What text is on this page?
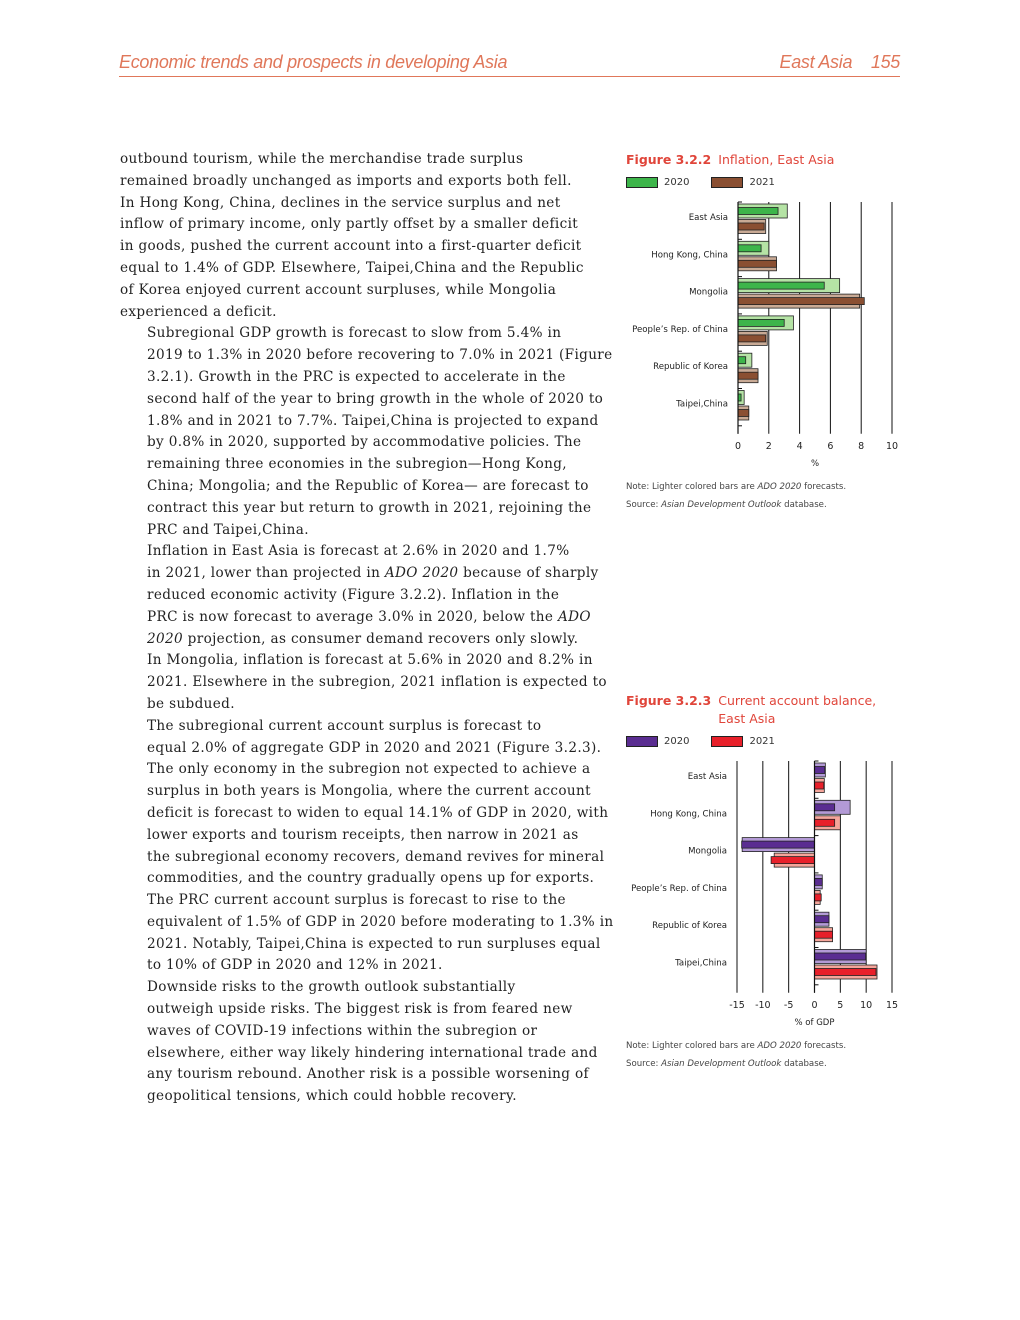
Economic trends and prospects in developing Asia	East Asia 155

outbound tourism, while the merchandise trade surplus
remained broadly unchanged as imports and exports both fell.
In Hong Kong, China, declines in the service surplus and net
inflow of primary income, only partly offset by a smaller deficit
in goods, pushed the current account into a first-quarter deficit
equal to 1.4% of GDP. Elsewhere, Taipei,China and the Republic
of Korea enjoyed current account surpluses, while Mongolia
experienced a deficit.

Subregional GDP growth is forecast to slow from 5.4% in
2019 to 1.3% in 2020 before recovering to 7.0% in 2021 (Figure
3.2.1). Growth in the PRC is expected to accelerate in the
second half of the year to bring growth in the whole of 2020 to
1.8% and in 2021 to 7.7%. Taipei,China is projected to expand
by 0.8% in 2020, supported by accommodative policies. The
remaining three economies in the subregion—Hong Kong,
China; Mongolia; and the Republic of Korea— are forecast to
contract this year but return to growth in 2021, rejoining the
PRC and Taipei,China.

Inflation in East Asia is forecast at 2.6% in 2020 and 1.7%
in 2021, lower than projected in ADO 2020 because of sharply
reduced economic activity (Figure 3.2.2). Inflation in the
PRC is now forecast to average 3.0% in 2020, below the ADO
2020 projection, as consumer demand recovers only slowly.
In Mongolia, inflation is forecast at 5.6% in 2020 and 8.2% in
2021. Elsewhere in the subregion, 2021 inflation is expected to
be subdued.

The subregional current account surplus is forecast to
equal 2.0% of aggregate GDP in 2020 and 2021 (Figure 3.2.3).
The only economy in the subregion not expected to achieve a
surplus in both years is Mongolia, where the current account
deficit is forecast to widen to equal 14.1% of GDP in 2020, with
lower exports and tourism receipts, then narrow in 2021 as
the subregional economy recovers, demand revives for mineral
commodities, and the country gradually opens up for exports.
The PRC current account surplus is forecast to rise to the
equivalent of 1.5% of GDP in 2020 before moderating to 1.3% in
2021. Notably, Taipei,China is expected to run surpluses equal
to 10% of GDP in 2020 and 12% in 2021.

Downside risks to the growth outlook substantially
outweigh upside risks. The biggest risk is from feared new
waves of COVID-19 infections within the subregion or
elsewhere, either way likely hindering international trade and
any tourism rebound. Another risk is a possible worsening of
geopolitical tensions, which could hobble recovery.

Figure 3.2.2 Inflation, East Asia
2020	2021
0	2	4	6	8 10
%
East Asia
Hong Kong, China
Mongolia
People’s Rep. of China
Republic of Korea
Taipei,China
Note: Lighter colored bars are ADO 2020 forecasts.
Source: Asian Development Outlook database.
Figure 3.2.3 Current account balance, East Asia
2020	2021
-15 -10 -5 0 5 10 15
% of GDP
East Asia
Hong Kong, China
Mongolia
People’s Rep. of China
Republic of Korea
Taipei,China
Note: Lighter colored bars are ADO 2020 forecasts.
Source: Asian Development Outlook database.
